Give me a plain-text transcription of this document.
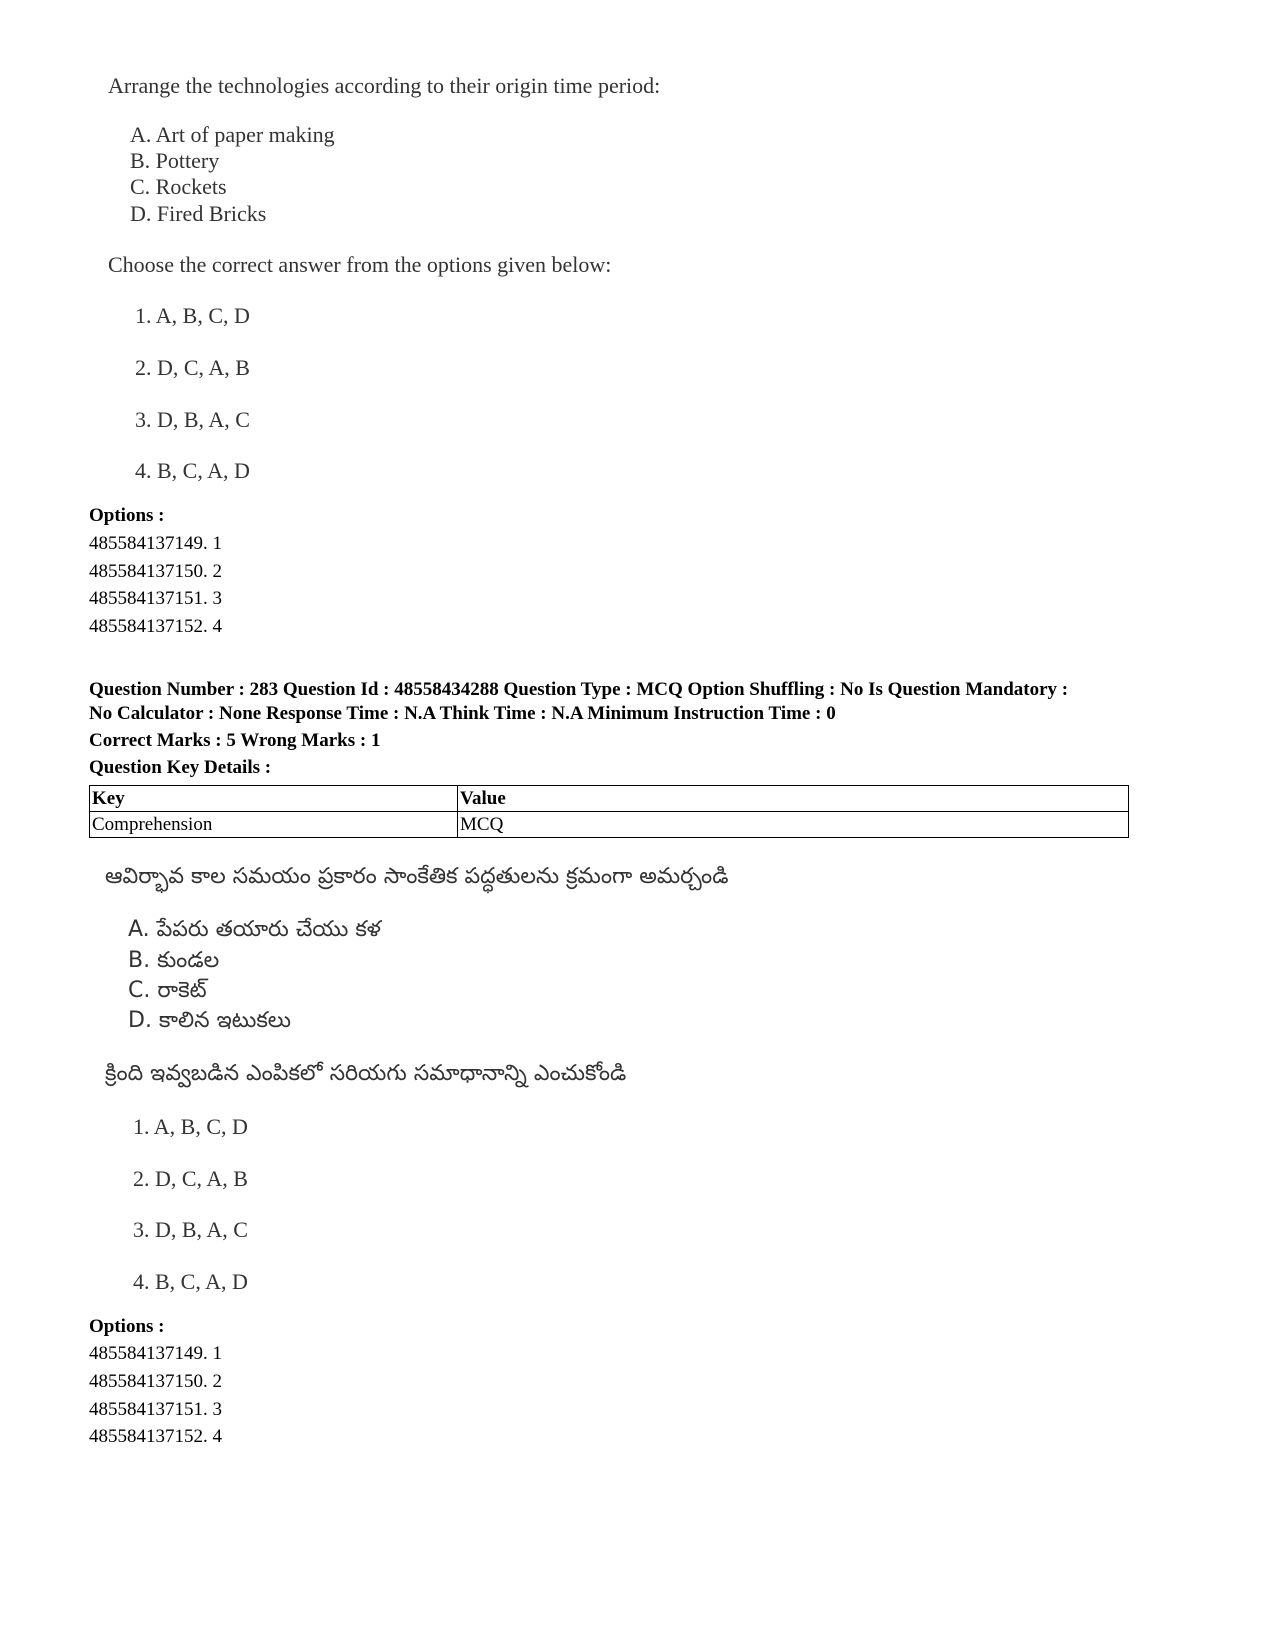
Arrange the technologies according to their origin time period:
A. Art of paper making
B. Pottery
C. Rockets
D. Fired Bricks
Choose the correct answer from the options given below:
1. A, B, C, D
2. D, C, A, B
3. D, B, A, C
4. B, C, A, D
Options :
485584137149. 1
485584137150. 2
485584137151. 3
485584137152. 4
Question Number : 283 Question Id : 48558434288 Question Type : MCQ Option Shuffling : No Is Question Mandatory :
No Calculator : None Response Time : N.A Think Time : N.A Minimum Instruction Time : 0
Correct Marks : 5 Wrong Marks : 1
Question Key Details :
Key	Value
Comprehension	MCQ
ఆవిర్భావ కాల సమయం ప్రకారం సాంకేతిక పద్ధతులను క్రమంగా అమర్చండి
A. పేపరు తయారు చేయు కళ
B. కుండల
C. రాకెట్
D. కాలిన ఇటుకలు
క్రింది ఇవ్వబడిన ఎంపికలో సరియగు సమాధానాన్ని ఎంచుకోండి
1. A, B, C, D
2. D, C, A, B
3. D, B, A, C
4. B, C, A, D
Options :
485584137149. 1
485584137150. 2
485584137151. 3
485584137152. 4
